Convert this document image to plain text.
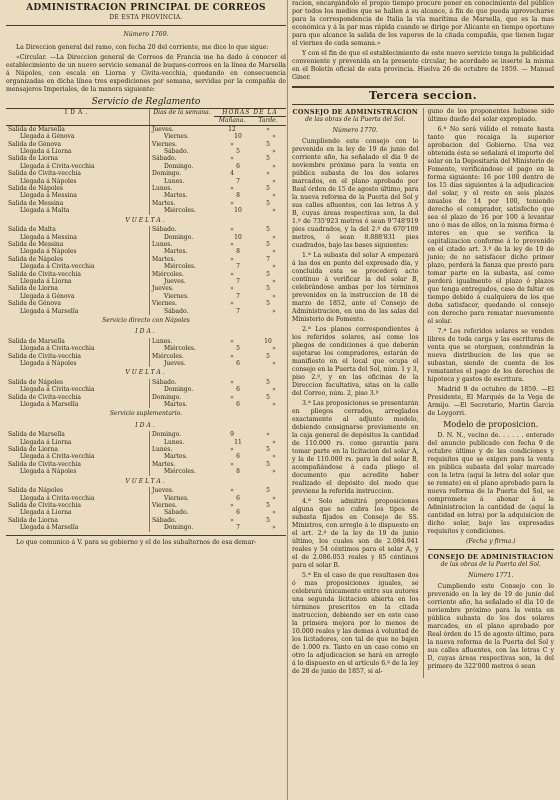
ADMINISTRACION PRINCIPAL DE CORREOS
DE ESTA PROVINCIA.
Número 1769.

La Direccion general del ramo, con fecha 20 del corriente, me dice lo que sigue:

«Circular. —La Direccion general de Correos de Francia me ha dado á conocer el establecimiento de un nuevo servicio semanal de buques-correos en la línea de Marsella á Nápoles, con escala en Liorna y Civita-vecchia, quedando en consecuencia organizadas en dicha línea tres expediciones por semana, servidas por la compañía de mensajeros Imperiales, de la manera siguiente:

Servicio de Reglamento
IDA.	Dias de la semana.	HORAS DE LA	
		Mañana.	Tarde.
Salida de Marsella	Jueves.	12	»
Llegada á Génova	Viernes.	10	»
Salida de Génova	Viernes.	»	5
Llegada á Liorna	Sábado.	5	»
Salida de Liorna	Sábado.	»	5
Llegada á Civita-vecchia	Domingo.	6	»
Salida de Civita-vecchia	Domingo.	4	»
Llegada á Nápoles	Lunes.	7	»
Salida de Nápoles	Lunes.	»	5
Llegada á Messina	Martes.	8	»
Salida de Messina	Martes.	»	5
Llegada á Malta	Miércoles.	10	»
VUELTA.			
Salida de Malta	Sábado.	»	5
Llegada á Messina	Domingo.	10	»
Salida de Messina	Lunes.	»	5
Llegada á Nápoles	Martes.	8	»
Salida de Nápoles	Martes.	»	7
Llegada á Civita-vecchia	Miércoles.	7	»
Salida de Civita-vecchia	Miércoles.	»	5
Llegada á Liorna	Jueves.	7	»
Salida de Liorna	Jueves.	»	5
Llegada á Génova	Viernes.	7	»
Salida de Génova	Viernes.	»	5
Llegada á Marsella	Sábado.	7	»
Servicio directo con Nápoles			
IDA.			
Salida de Marsella	Lunes.	»	10
Llegada á Civita-vecchia	Miércoles.	5	»
Salida de Civita-vecchia	Miércoles.	»	5
Llegada á Nápoles	Jueves.	6	»
VUELTA.			
Salida de Nápoles	Sábado.	»	5
Llegada á Civita-vecchia	Domingo.	6	»
Salida de Civita-vecchia	Domingo.	»	5
Llegada á Marsella	Martes.	6	»
Servicio suplementario.			
IDA.			
Salida de Marsella	Domingo.	9	»
Llegada á Liorna	Lunes.	11	»
Salida de Liorna	Lunes.	»	5
Llegada á Civita-vecchia	Martes.	6	»
Salida de Civita-vecchia	Martes.	»	5
Llegada á Nápoles	Miércoles.	8	»
VUELTA.			
Salida de Nápoles	Jueves.	»	5
Llegada á Civita-vecchia	Viernes.	6	»
Salida de Civita-vecchia	Viernes.	»	5
Llegada á Liorna	Sábado.	6	»
Salida de Liorna	Sábado.	»	5
Llegada á Marsella	Domingo.	7	»

Lo que comunico á V. para su gobierno y el de los subalternos de esa demar-

racion, encargándolo el propio tiempo procure poner en conocimiento del público por todos los medios que se hallen á su alcance, á fin de que pueda aprovecharse para la correspondencia de Italia la vía marítima de Marsella, que es la mas económica y á la par mas rápida cuando se dirige por Alicante en tiempo oportuno para que alcance la salida de los vapores de la citada compañía, que tienen lugar el viernes de cada semana.»

Y con el fin de que el establecimiento de este nuevo servicio tenga la publicidad conveniente y prevenida en la presente circular, he acordado se inserte la misma en el Boletín oficial de esta provincia. Huelva 26 de octubre de 1859. — Manuel Giner.

Tercera seccion.
CONSEJO DE ADMINISTRACION
de las obras de la Puerta del Sol.
Número 1770.

Cumpliendo este consejo con lo prevenido en la ley de 19 de junio del corriente año, ha señalado el dia 9 de noviembre próximo para la venta en pública subasta de los dos solares marcados, en el plano aprobado por Real órden de 15 de agosto último, para la nueva reforma de la Puerta del Sol y sus calles afluentes, con las letras A y B, cuyas áreas respectivas son, la del 1.º de 735'923 metros ó sean 9'748'919 pies cuadrados, y la del 2.º de 670'109 metros, ó sean 8.888'831 pies cuadrados, bajo las bases siguientes:

1.ª La subasta del solar A empezará á las dos en punto del expresado dia, y concluida esta se procederá acto contínuo á verificar la del solar B, celebrándose ambas por los términos prevenidos en la instruccion de 18 de marzo de 1852, ante el Consejo de Administracion, en una de las salas del Ministerio de Fomento.

2.ª Los planos correspondientes á los referidos solares, así como los pliegos de condiciones á que deberán sujetarse los compradores, estarán de manifiesto en el local que ocupa el consejo en la Puerta del Sol, núm. 1 y 3, piso 2.º, y en las oficinas de la Direccion facultativa, sitas en la calle del Correo, núm. 2, piso 3.º

3.ª Las proposiciones se presentarán en pliegos cerrados, arreglados exactamente al adjunto modelo, debiendo consignarse previamente en la caja general de depósitos la cantidad de 110.000 rs. como garantía para tomar parte en la licitacion del solar A, y la de 110.000 rs. para la del solar B, acompañándose á cada pliego el documento que acredite haber realizado el depósito del modo que previene la referida instruccion.

4.ª Solo admitirá proposiciones alguna que no cubra los tipos de subasta fijados en Consejo de SS. Ministros, con arreglo á lo dispuesto en el art. 2.º de la ley de 19 de junio último, los cuales son de 2.084.941 reales y 54 céntimos para el solar A, y el de 2.086.053 reales y 85 céntimos para el solar B.

5.ª En el caso de que resultasen dos ó mas proposiciones iguales, se celebrará únicamente entre sus autores una segunda licitacion abierta en los términos prescritos en la citada instruccion, debiendo ser en este caso la primera mejora por lo menos de 10.000 reales y las demas á voluntad de los licitadores, con tal de que no bajen de 1.000 rs. Tanto en un caso como en otro la adjudicacion se hará en arreglo á lo dispuesto en el artículo 6.º de la ley de 28 de junio de 1857, si al-

guno de los proponentes hubiese sido último dueño del solar expropiado.

6.ª No será válido el remate hasta tanto que recaiga la superior aprobacion del Gobierno. Una vez obtenida ésta se señalará el importe del solar en la Depositaría del Ministerio de Fomento, verificándose el pago en la forma siguiente: 16 por 100 dentro de los 15 dias siguientes á la adjudicacion del solar, y el resto en seis plazos anuales de 14 por 100, teniendo derecho el comprador, satisfecho que sea el plazo de 16 por 100 á levantar uno ó mas de ellos, en la misma forma é interes en que se verifica la capitalizacion conforme á lo prevenido en el citado art. 3.º de la ley de 19 de junio; de no satisfacer dicho primer plazo, perderá la fianza que prestó para tomar parte en la subasta, así como perderá igualmente el plazo ó plazos que tenga entregados, caso de faltar en tiempo debido á cualquiera de los que deba satisfacer, quedando el consejo con derecho para rematar nuevamente el solar.

7.ª Los referidos solares se venden libres de toda carga y las escrituras de venta que se otorguen, contendrán la nueva distribucion de los que se subastan, siendo de cuenta de los rematantes el pago de los derechos de hipoteca y gastos de escritura.

Madrid 9 de octubre de 1859. —El Presidente, El Marqués de la Vega de Armijo. —El Secretario, Martin García de Loygorri.

Modelo de proposicion.

D. N. N., vecino de. . . . . . enterado del anuncio publicado con fecha 9 de octubre último y de las condiciones y requisitos que se exigen para la venta en pública subasta del solar marcado con la letra (aquí la letra del solar que se remate) en el plano aprobado para la nueva reforma de la Puerta del Sol, se compromete á abonar á la Administracion la cantidad de (aquí la cantidad en letra) por la adquisicion de dicho solar, bajo las expresadas requisitos y condiciones.

(Fecha y firma.)
CONSEJO DE ADMINISTRACION
de las obras de la Puerta del Sol.
Número 1771.

Cumpliendo este Consejo con lo prevenido en la ley de 19 de junio del corriente año, ha señalado el dia 10 de noviembre próximo para la venta en pública subasta de los dos solares marcados, en el plano aprobado por Real órden de 15 de agosto último, para la nueva reforma de la Puerta del Sol y sus calles afluentes, con las letras C y D, cuyas áreas respectivas son, la del primero de 322'000 metros ó sean
